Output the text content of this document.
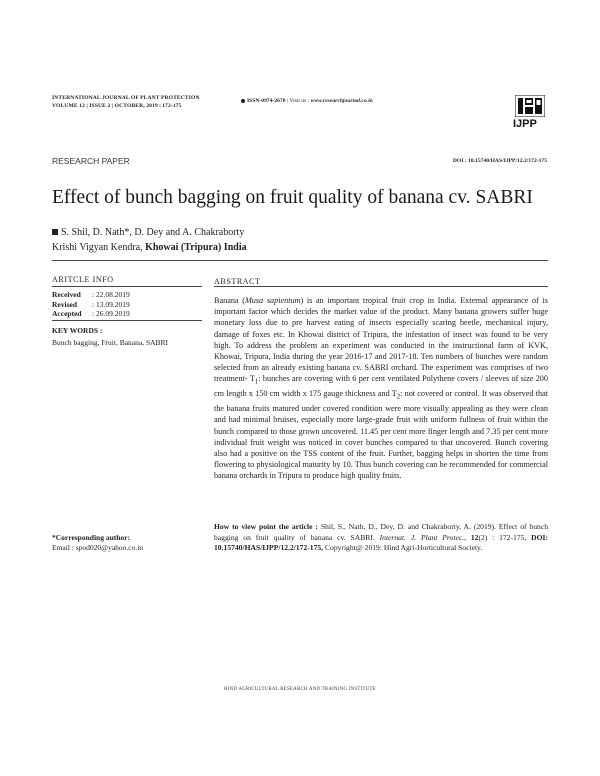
INTERNATIONAL JOURNAL OF PLANT PROTECTION
VOLUME 12 | ISSUE 2 | OCTOBER, 2019 | 172-175
ISSN-0974-2670 | Visit us : www.researchjournal.co.in
IJPP
RESEARCH PAPER	DOI : 10.15740/HAS/IJPP/12.2/172-175
Effect of bunch bagging on fruit quality of banana cv. SABRI
S. Shil, D. Nath*, D. Dey and A. Chakraborty
Krishi Vigyan Kendra, Khowai (Tripura) India
ARITCLE INFO
Received	: 22.08.2019
Revised	: 13.09.2019
Accepted	: 26.09.2019
KEY WORDS :
Bunch bagging, Fruit, Banana, SABRI
ABSTRACT
Banana (Musa sapientum) is an important tropical fruit crop in India. External appearance of is important factor which decides the market value of the product. Many banana growers suffer huge monetary loss due to pre harvest eating of insects especially scaring beetle, mechanical injury, damage of foxes etc. In Khowai district of Tripura, the infestation of insect was found to be very high. To address the problem an experiment was conducted in the instructional farm of KVK, Khowai, Tripura, India during the year 2016-17 and 2017-18. Ten numbers of bunches were random selected from an already existing banana cv. SABRI orchard. The experiment was comprises of two treatment- $T_1$: bunches are covering with 6 per cent ventilated Polythene covers / sleeves of size 200 cm length x 150 cm width x 175 gauge thickness and $T_2$: not covered or control. It was observed that the banana fruits matured under covered condition were more visually appealing as they were clean and had minimal bruises, especially more large-grade fruit with uniform fullness of fruit within the bunch compared to those grown uncovered. 11.45 per cent more finger length and 7.35 per cent more individual fruit weight was noticed in cover bunches compared to that uncovered. Bunch covering also had a positive on the TSS content of the fruit. Further, bagging helps in shorten the time from flowering to physiological maturity by 10. Thus bunch covering can be recommended for commercial banana orchards in Tripura to produce high quality fruits.
How to view point the article : Shil, S., Nath, D., Dey, D. and Chakraborty, A. (2019). Effect of bunch bagging on fruit quality of banana cv. SABRI. Internat. J. Plant Protec., 12(2) : 172-175, DOI: 10.15740/HAS/IJPP/12.2/172-175, Copyright@ 2019: Hind Agri-Horticultural Society.
*Corresponding author:
Email : spod020@yahoo.co.in
HIND AGRICULTURAL RESEARCH AND TRAINING INSTITUTE
